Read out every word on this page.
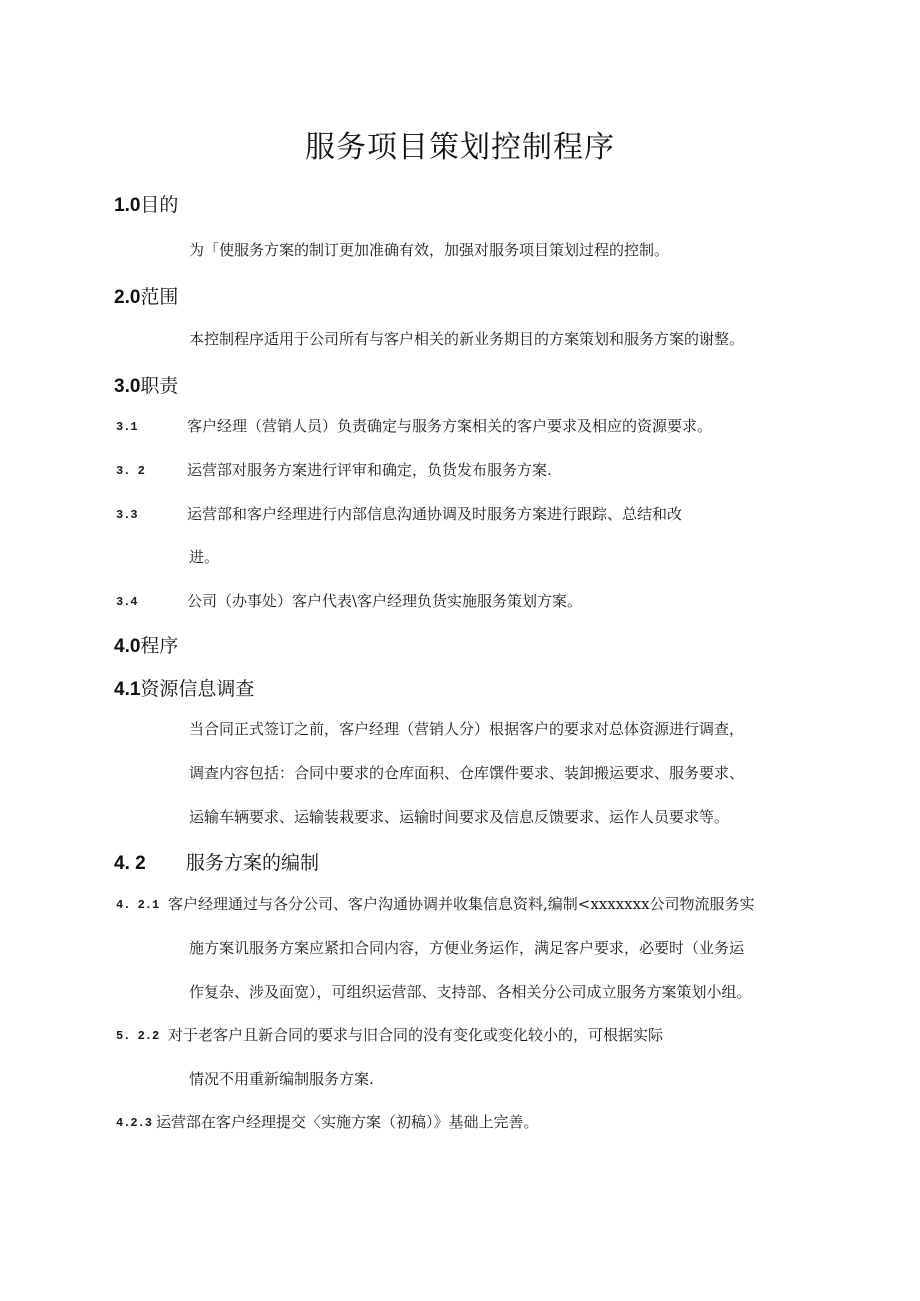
服务项目策划控制程序
1.0目的
为「使服务方案的制订更加准确有效，加强对服务项目策划过程的控制。
2.0范围
本控制程序适用于公司所有与客户相关的新业务期目的方案策划和服务方案的谢整。
3.0职责
3.1	客户经理（营销人员）负责确定与服务方案相关的客户要求及相应的资源要求。
3. 2	运营部对服务方案进行评审和确定，负货发布服务方案.
3.3	运营部和客户经理进行内部信息沟通协调及时服务方案进行跟踪、总结和改
进。
3.4	公司（办事处）客户代表\客户经理负货实施服务策划方案。
4.0程序
4.1资源信息调查
当合同正式签订之前，客户经理（营销人分）根据客户的要求对总体资源进行调查，
调查内容包括：合同中要求的仓库面积、仓库馔件要求、装卸搬运要求、服务要求、
运输车辆要求、运输装栽要求、运输时间要求及信息反馈要求、运作人员要求等。
4. 2 服务方案的编制
4. 2.1 客户经理通过与各分公司、客户沟通协调并收集信息资料,编制<xxxxxxx公司物流服务实
施方案讥服务方案应紧扣合同内容，方便业务运作，满足客户要求，必要时（业务运
作复杂、涉及面宽），可组织运营部、支持部、各相关分公司成立服务方案策划小组。
5. 2.2 对于老客户且新合同的要求与旧合同的没有变化或变化较小的，可根据实际
情况不用重新编制服务方案.
4.2.3 运营部在客户经理提交〈实施方案（初稿）》基础上完善。
